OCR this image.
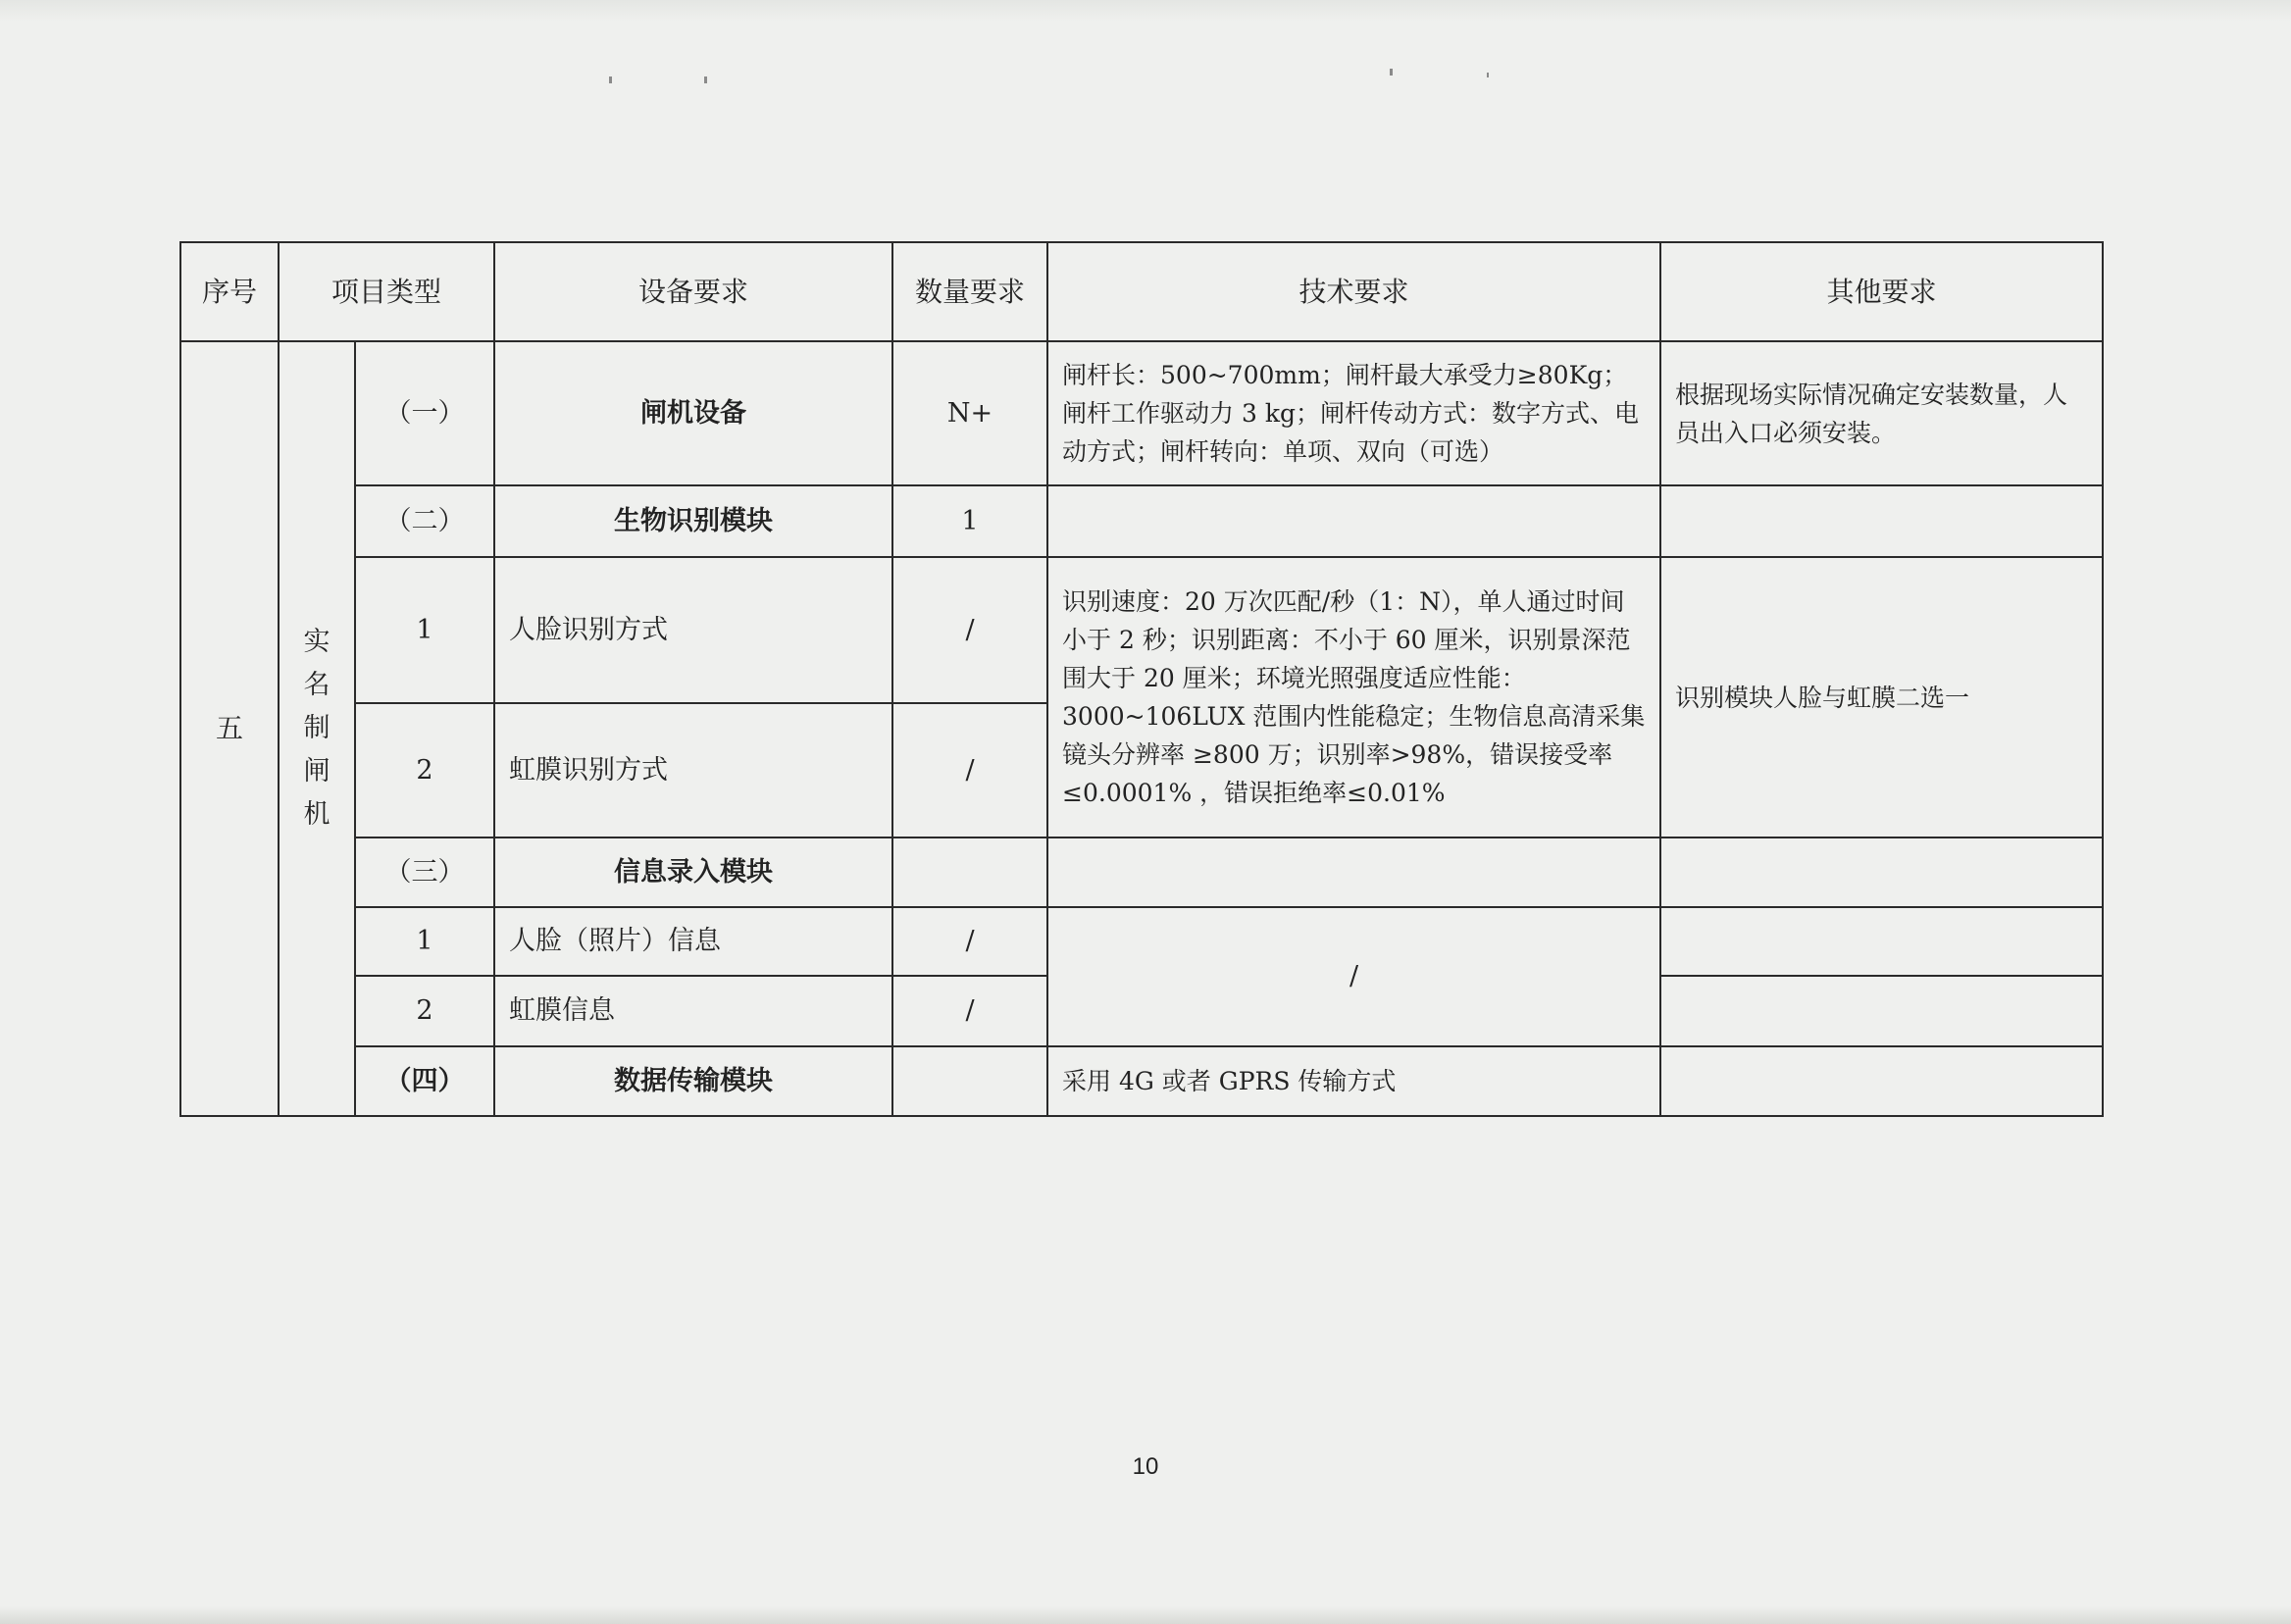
序号	项目类型		设备要求	数量要求	技术要求	其他要求
五	实名制闸机	（一）	闸机设备	N+	闸杆长：500~700mm；闸杆最大承受力≥80Kg；闸杆工作驱动力 3 kg；闸杆传动方式：数字方式、电动方式；闸杆转向：单项、双向（可选）	根据现场实际情况确定安装数量，人员出入口必须安装。
		（二）	生物识别模块	1		
		1	人脸识别方式	/	识别速度：20 万次匹配/秒（1：N），单人通过时间小于 2 秒；识别距离：不小于 60 厘米，识别景深范围大于 20 厘米；环境光照强度适应性能：3000~106LUX 范围内性能稳定；生物信息高清采集镜头分辨率 ≥800 万；识别率>98%，错误接受率≤0.0001% ，错误拒绝率≤0.01%	识别模块人脸与虹膜二选一
		2	虹膜识别方式	/		
		（三）	信息录入模块			
		1	人脸（照片）信息	/	/	
		2	虹膜信息	/		
		（四）	数据传输模块		采用 4G 或者 GPRS 传输方式	
10
